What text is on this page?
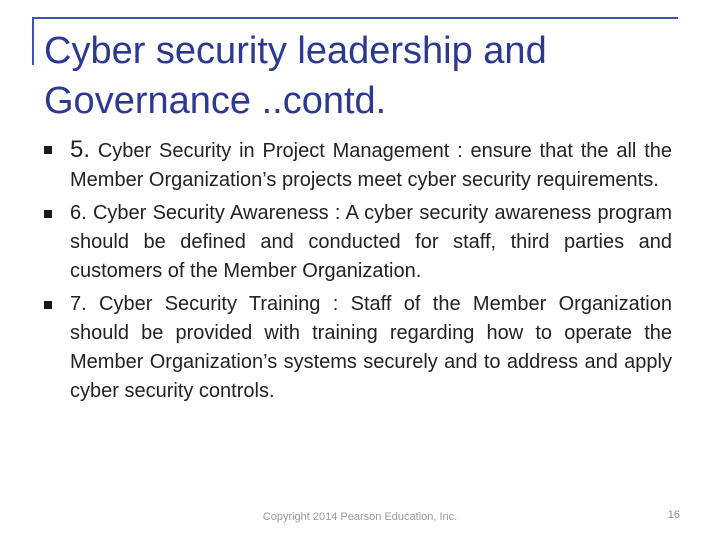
Cyber security leadership and
Governance ..contd.
5. Cyber Security in Project Management : ensure that the all the Member Organization’s projects meet cyber security requirements.
6. Cyber Security Awareness : A cyber security awareness program should be defined and conducted for staff, third parties and customers of the Member Organization.
7. Cyber Security Training : Staff of the Member Organization should be provided with training regarding how to operate the Member Organization’s systems securely and to address and apply cyber security controls.
Copyright 2014 Pearson Education, Inc.	16
